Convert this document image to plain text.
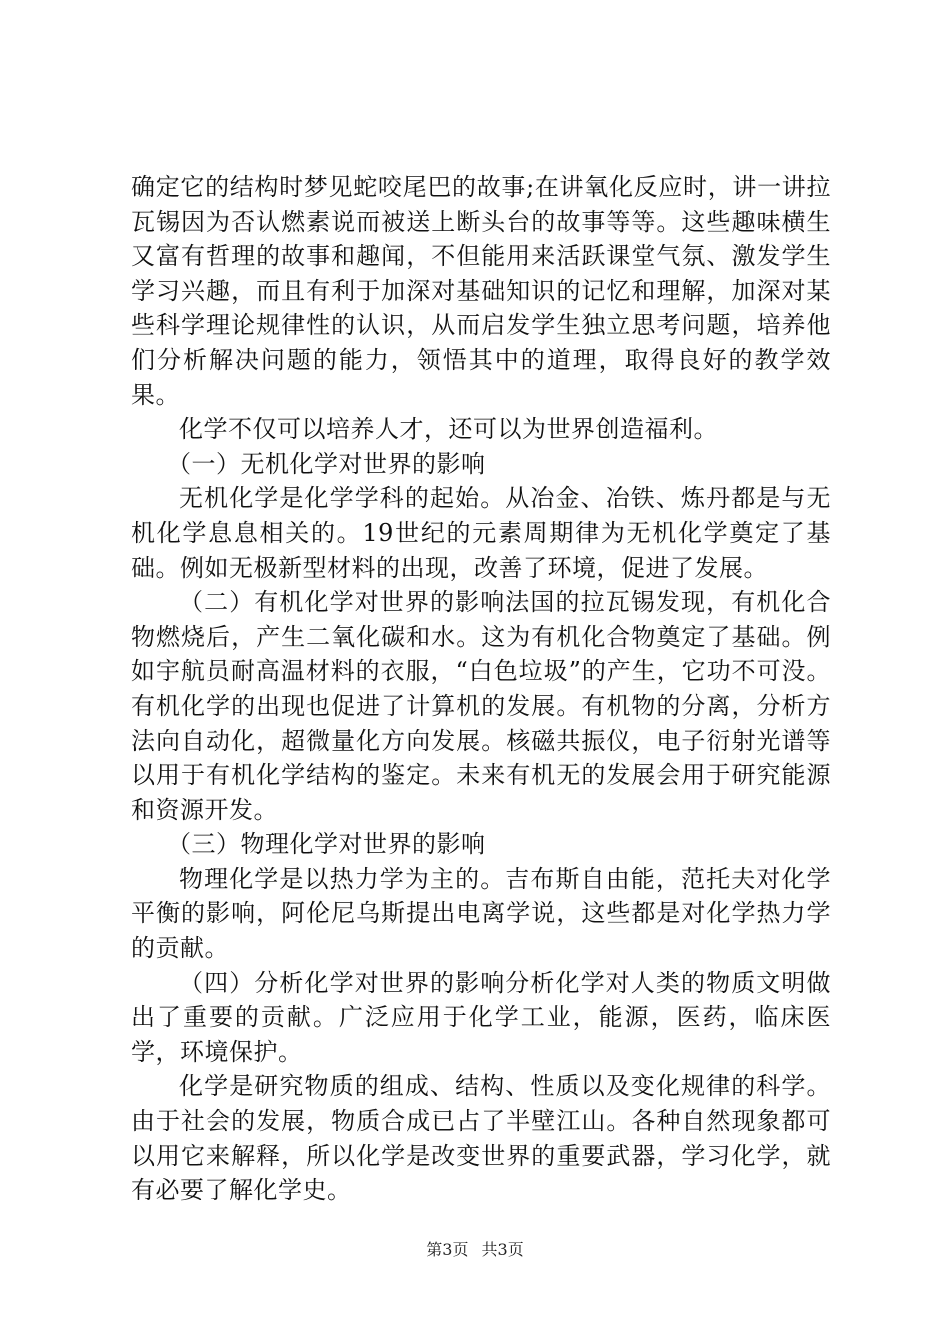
确定它的结构时梦见蛇咬尾巴的故事;在讲氧化反应时，讲一讲拉瓦锡因为否认燃素说而被送上断头台的故事等等。这些趣味横生又富有哲理的故事和趣闻，不但能用来活跃课堂气氛、激发学生学习兴趣，而且有利于加深对基础知识的记忆和理解，加深对某些科学理论规律性的认识，从而启发学生独立思考问题，培养他们分析解决问题的能力，领悟其中的道理，取得良好的教学效果。

化学不仅可以培养人才，还可以为世界创造福利。

（一）无机化学对世界的影响

无机化学是化学学科的起始。从冶金、冶铁、炼丹都是与无机化学息息相关的。19世纪的元素周期律为无机化学奠定了基础。例如无极新型材料的出现，改善了环境，促进了发展。

（二）有机化学对世界的影响法国的拉瓦锡发现，有机化合物燃烧后，产生二氧化碳和水。这为有机化合物奠定了基础。例如宇航员耐高温材料的衣服，“白色垃圾”的产生，它功不可没。有机化学的出现也促进了计算机的发展。有机物的分离，分析方法向自动化，超微量化方向发展。核磁共振仪，电子衍射光谱等以用于有机化学结构的鉴定。未来有机无的发展会用于研究能源和资源开发。

（三）物理化学对世界的影响

物理化学是以热力学为主的。吉布斯自由能，范托夫对化学平衡的影响，阿伦尼乌斯提出电离学说，这些都是对化学热力学的贡献。

（四）分析化学对世界的影响分析化学对人类的物质文明做出了重要的贡献。广泛应用于化学工业，能源，医药，临床医学，环境保护。

化学是研究物质的组成、结构、性质以及变化规律的科学。由于社会的发展，物质合成已占了半壁江山。各种自然现象都可以用它来解释，所以化学是改变世界的重要武器，学习化学，就有必要了解化学史。

第3页 共3页
